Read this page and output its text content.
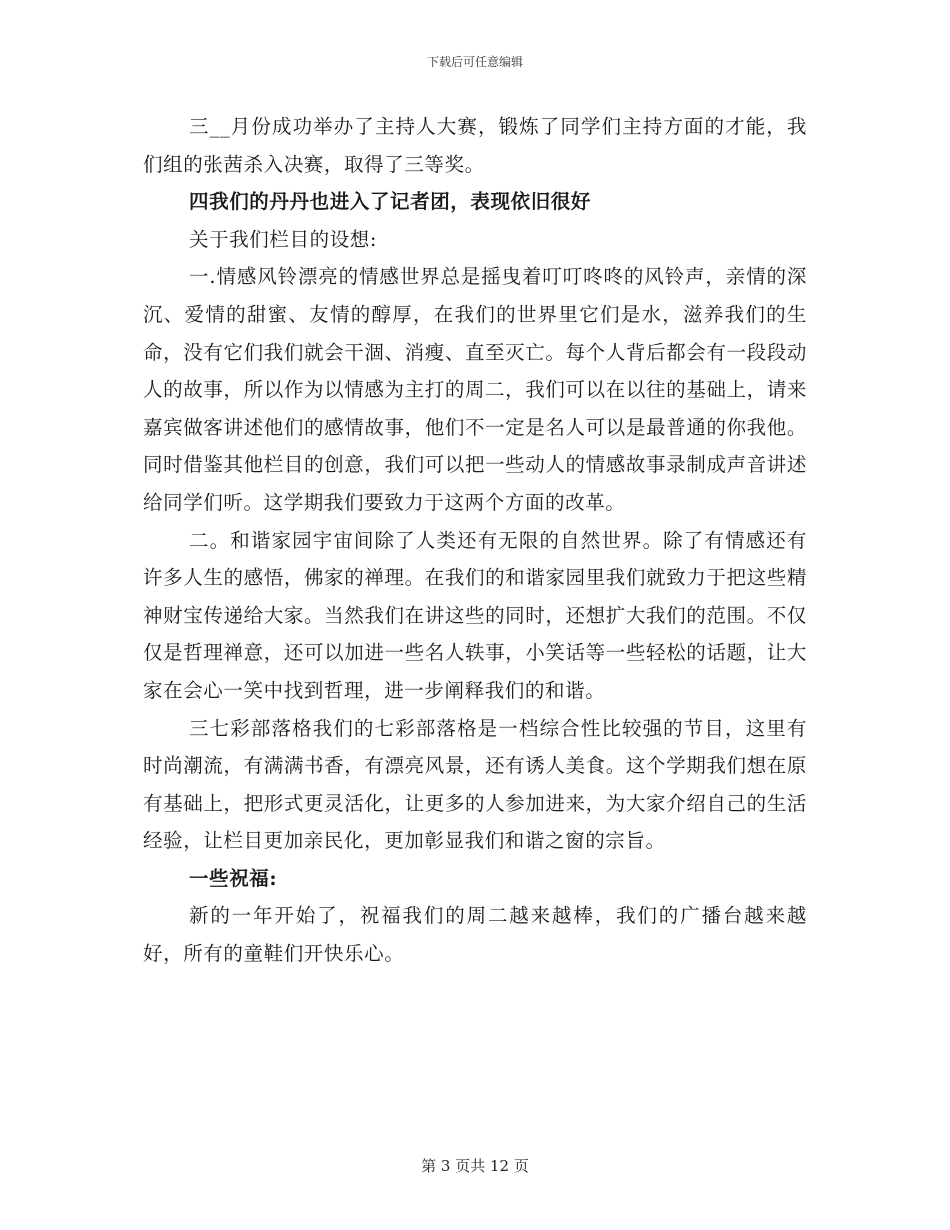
下载后可任意编辑

三__月份成功举办了主持人大赛，锻炼了同学们主持方面的才能，我们组的张茜杀入决赛，取得了三等奖。

四我们的丹丹也进入了记者团，表现依旧很好

关于我们栏目的设想:

一.情感风铃漂亮的情感世界总是摇曳着叮叮咚咚的风铃声，亲情的深沉、爱情的甜蜜、友情的醇厚，在我们的世界里它们是水，滋养我们的生命，没有它们我们就会干涸、消瘦、直至灭亡。每个人背后都会有一段段动人的故事，所以作为以情感为主打的周二，我们可以在以往的基础上，请来嘉宾做客讲述他们的感情故事，他们不一定是名人可以是最普通的你我他。同时借鉴其他栏目的创意，我们可以把一些动人的情感故事录制成声音讲述给同学们听。这学期我们要致力于这两个方面的改革。

二。和谐家园宇宙间除了人类还有无限的自然世界。除了有情感还有许多人生的感悟，佛家的禅理。在我们的和谐家园里我们就致力于把这些精神财宝传递给大家。当然我们在讲这些的同时，还想扩大我们的范围。不仅仅是哲理禅意，还可以加进一些名人轶事，小笑话等一些轻松的话题，让大家在会心一笑中找到哲理，进一步阐释我们的和谐。

三七彩部落格我们的七彩部落格是一档综合性比较强的节目，这里有时尚潮流，有满满书香，有漂亮风景，还有诱人美食。这个学期我们想在原有基础上，把形式更灵活化，让更多的人参加进来，为大家介绍自己的生活经验，让栏目更加亲民化，更加彰显我们和谐之窗的宗旨。

一些祝福:

新的一年开始了，祝福我们的周二越来越棒，我们的广播台越来越好，所有的童鞋们开快乐心。

第 3 页共 12 页
